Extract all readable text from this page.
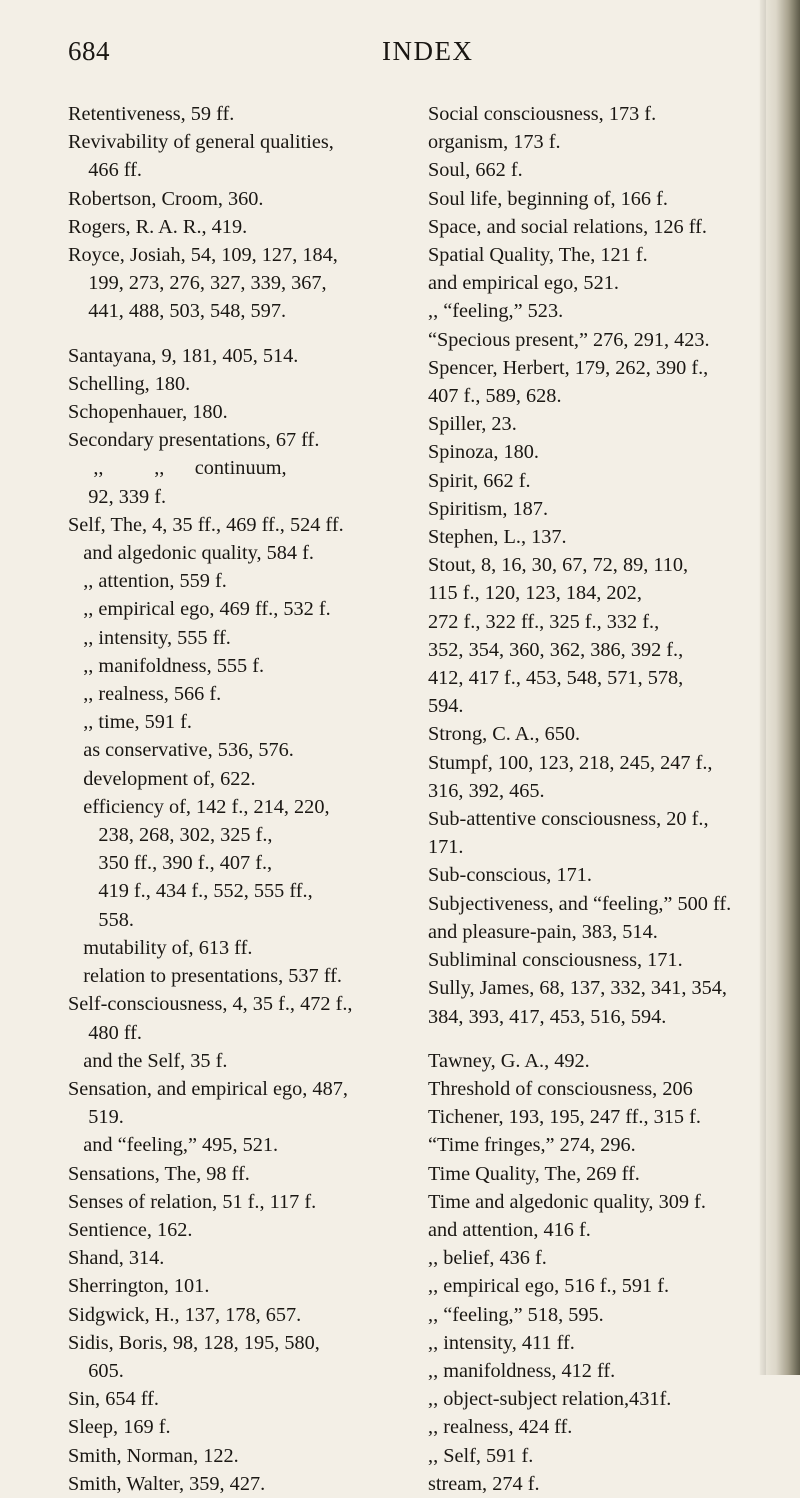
684	INDEX
Retentiveness, 59 ff.
Revivability of general qualities,
466 ff.
Robertson, Croom, 360.
Rogers, R. A. R., 419.
Royce, Josiah, 54, 109, 127, 184,
199, 273, 276, 327, 339, 367,
441, 488, 503, 548, 597.
Santayana, 9, 181, 405, 514.
Schelling, 180.
Schopenhauer, 180.
Secondary presentations, 67 ff.
,,          ,,      continuum,
92, 339 f.
Self, The, 4, 35 ff., 469 ff., 524 ff.
and algedonic quality, 584 f.
,, attention, 559 f.
,, empirical ego, 469 ff., 532 f.
,, intensity, 555 ff.
,, manifoldness, 555 f.
,, realness, 566 f.
,, time, 591 f.
as conservative, 536, 576.
development of, 622.
efficiency of, 142 f., 214, 220,
238, 268, 302, 325 f.,
350 ff., 390 f., 407 f.,
419 f., 434 f., 552, 555 ff.,
558.
mutability of, 613 ff.
relation to presentations, 537 ff.
Self-consciousness, 4, 35 f., 472 f.,
480 ff.
and the Self, 35 f.
Sensation, and empirical ego, 487,
519.
and “feeling,” 495, 521.
Sensations, The, 98 ff.
Senses of relation, 51 f., 117 f.
Sentience, 162.
Shand, 314.
Sherrington, 101.
Sidgwick, H., 137, 178, 657.
Sidis, Boris, 98, 128, 195, 580,
605.
Sin, 654 ff.
Sleep, 169 f.
Smith, Norman, 122.
Smith, Walter, 359, 427.
Social consciousness, 173 f.
organism, 173 f.
Soul, 662 f.
Soul life, beginning of, 166 f.
Space, and social relations, 126 ff.
Spatial Quality, The, 121 f.
and empirical ego, 521.
,, “feeling,” 523.
“Specious present,” 276, 291, 423.
Spencer, Herbert, 179, 262, 390 f.,
407 f., 589, 628.
Spiller, 23.
Spinoza, 180.
Spirit, 662 f.
Spiritism, 187.
Stephen, L., 137.
Stout, 8, 16, 30, 67, 72, 89, 110,
115 f., 120, 123, 184, 202,
272 f., 322 ff., 325 f., 332 f.,
352, 354, 360, 362, 386, 392 f.,
412, 417 f., 453, 548, 571, 578,
594.
Strong, C. A., 650.
Stumpf, 100, 123, 218, 245, 247 f.,
316, 392, 465.
Sub-attentive consciousness, 20 f.,
171.
Sub-conscious, 171.
Subjectiveness, and “feeling,” 500 ff.
and pleasure-pain, 383, 514.
Subliminal consciousness, 171.
Sully, James, 68, 137, 332, 341, 354,
384, 393, 417, 453, 516, 594.
Tawney, G. A., 492.
Threshold of consciousness, 206
Tichener, 193, 195, 247 ff., 315 f.
“Time fringes,” 274, 296.
Time Quality, The, 269 ff.
Time and algedonic quality, 309 f.
and attention, 416 f.
,, belief, 436 f.
,, empirical ego, 516 f., 591 f.
,, “feeling,” 518, 595.
,, intensity, 411 ff.
,, manifoldness, 412 ff.
,, object-subject relation,431f.
,, realness, 424 ff.
,, Self, 591 f.
stream, 274 f.
